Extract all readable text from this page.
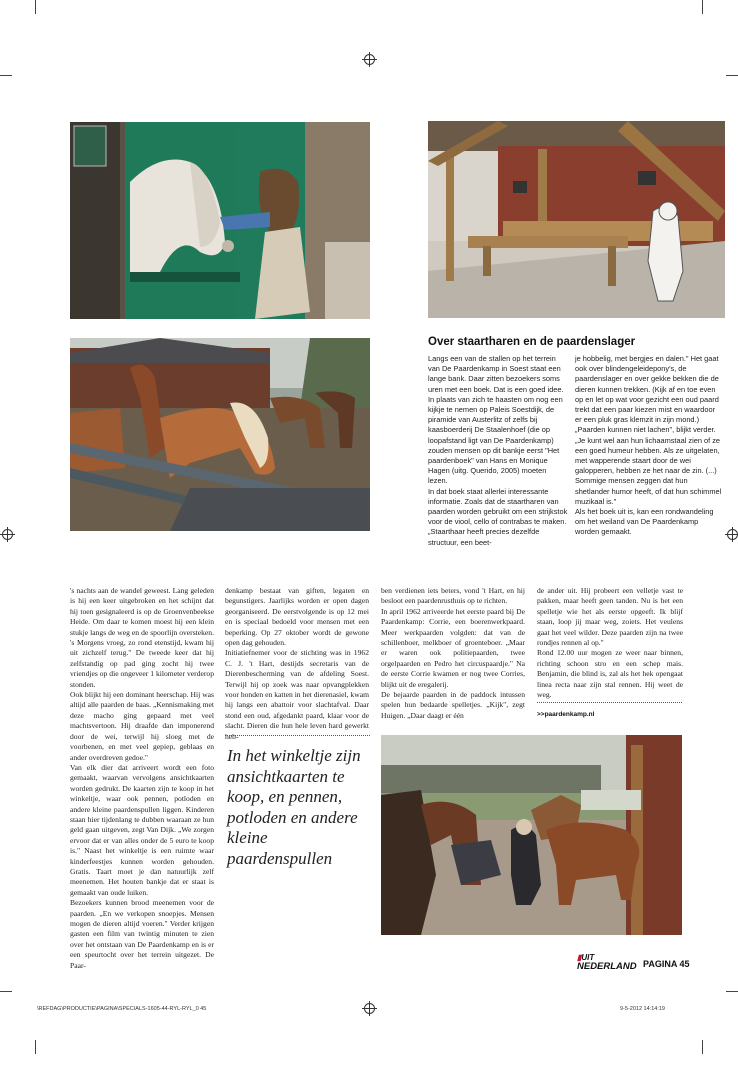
Over staartharen en de paardenslager
Langs een van de stallen op het terrein van De Paardenkamp in Soest staat een lange bank. Daar zitten bezoekers soms uren met een boek. Dat is een goed idee.
In plaats van zich te haasten om nog een kijkje te nemen op Paleis Soestdijk, de piramide van Austerlitz of zelfs bij kaasboerderij De Staalenhoef (die op loopafstand ligt van De Paardenkamp) zouden mensen op dit bankje eerst "Het paardenboek" van Hans en Monique Hagen (uitg. Querido, 2005) moeten lezen.
In dat boek staat allerlei interessante informatie. Zoals dat de staartharen van paarden worden gebruikt om een strijkstok voor de viool, cello of contrabas te maken. „Staarthaar heeft precies dezelfde structuur, een beet-
je hobbelig, met bergjes en dalen." Het gaat ook over blindengeleidepony's, de paardenslager en over gekke bekken die de dieren kunnen trekken. (Kijk af en toe even op en let op wat voor gezicht een oud paard trekt dat een paar kiezen mist en waardoor er een pluk gras klemzit in zijn mond.) „Paarden kunnen niet lachen", blijkt verder. „Je kunt wel aan hun lichaamstaal zien of ze een goed humeur hebben. Als ze uitgelaten, met wapperende staart door de wei galopperen, hebben ze het naar de zin. (...) Sommige mensen zeggen dat hun shetlander humor heeft, of dat hun schimmel muzikaal is."
Als het boek uit is, kan een rondwandeling om het weiland van De Paardenkamp worden gemaakt.
's nachts aan de wandel geweest. Lang geleden is hij een keer uitgebroken en het schijnt dat hij toen gesignaleerd is op de Groenvenbeekse Heide. Om daar te komen moest hij een klein stukje langs de weg en de spoorlijn oversteken. 's Morgens vroeg, zo rond etenstijd, kwam hij uit zichzelf terug." De tweede keer dat hij zelfstandig op pad ging zocht hij twee vriendjes op die ongeveer 1 kilometer verderop stonden.
Ook blijkt hij een dominant heerschap. Hij was altijd alle paarden de baas. „Kennismaking met deze macho ging gepaard met veel machtsvertoon. Hij draafde dan imponerend door de wei, terwijl hij sloeg met de voorbenen, en met veel gepiep, geblaas en ander overdreven gedoe."
Van elk dier dat arriveert wordt een foto gemaakt, waarvan vervolgens ansichtkaarten worden gedrukt. De kaarten zijn te koop in het winkeltje, waar ook pennen, potloden en andere kleine paardenspullen liggen. Kinderen staan hier tijdenlang te dubben waaraan ze hun geld gaan uitgeven, zegt Van Dijk. „We zorgen ervoor dat er van alles onder de 5 euro te koop is." Naast het winkeltje is een ruimte waar kinderfeestjes kunnen worden gehouden. Gratis. Taart moet je dan natuurlijk zelf meenemen. Het houten bankje dat er staat is gemaakt van oude luiken.
Bezoekers kunnen brood meenemen voor de paarden. „En we verkopen snoepjes. Mensen mogen de dieren altijd voeren." Verder krijgen gasten een film van twintig minuten te zien over het ontstaan van De Paardenkamp en is er een speurtocht over het terrein uitgezet. De Paar-
denkamp bestaat van giften, legaten en begunstigers. Jaarlijks worden er open dagen georganiseerd. De eerstvolgende is op 12 mei en is speciaal bedoeld voor mensen met een beperking. Op 27 oktober wordt de gewone open dag gehouden.
Initiatiefnemer voor de stichting was in 1962 C. J. 't Hart, destijds secretaris van de Dierenbescherming van de afdeling Soest. Terwijl hij op zoek was naar opvangplekken voor honden en katten in het dierenasiel, kwam hij langs een abattoir voor slachtafval. Daar stond een oud, afgedankt paard, klaar voor de slacht. Dieren die hun hele leven hard gewerkt heb-
ben verdienen iets beters, vond 't Hart, en hij besloot een paardenrusthuis op te richten.
In april 1962 arriveerde het eerste paard bij De Paardenkamp: Corrie, een boerenwerkpaard. Meer werkpaarden volgden: dat van de schillenboer, melkboer of groenteboer. „Maar er waren ook politiepaarden, twee orgelpaarden en Pedro het circuspaardje." Na de eerste Corrie kwamen er nog twee Corries, blijkt uit de eregalerij.
De bejaarde paarden in de paddock intussen spelen hun bedaarde spelletjes. „Kijk", zegt Huigen. „Daar daagt er één
de ander uit. Hij probeert een velletje vast te pakken, maar heeft geen tanden. Nu is het een spelletje wie het als eerste opgeeft. Ik blijf staan, loop jij maar weg, zoiets. Het veulens gaat het veel wilder. Deze paarden zijn na twee rondjes rennen al op."
Rond 12.00 uur mogen ze weer naar binnen, richting schoon stro en een schep mais. Benjamin, die blind is, zal als het hek opengaat linea recta naar zijn stal rennen. Hij weet de weg.
In het winkeltje zijn ansichtkaarten te koop, en pennen, potloden en andere kleine paardenspullen
>>paardenkamp.nl
▮UIT
NEDERLAND PAGINA 45
\REFDAG\PRODUCTIE\PAGINA\SPECIALS-1605-44-RYL-RYL_0 45	9-5-2012 14:14:19
